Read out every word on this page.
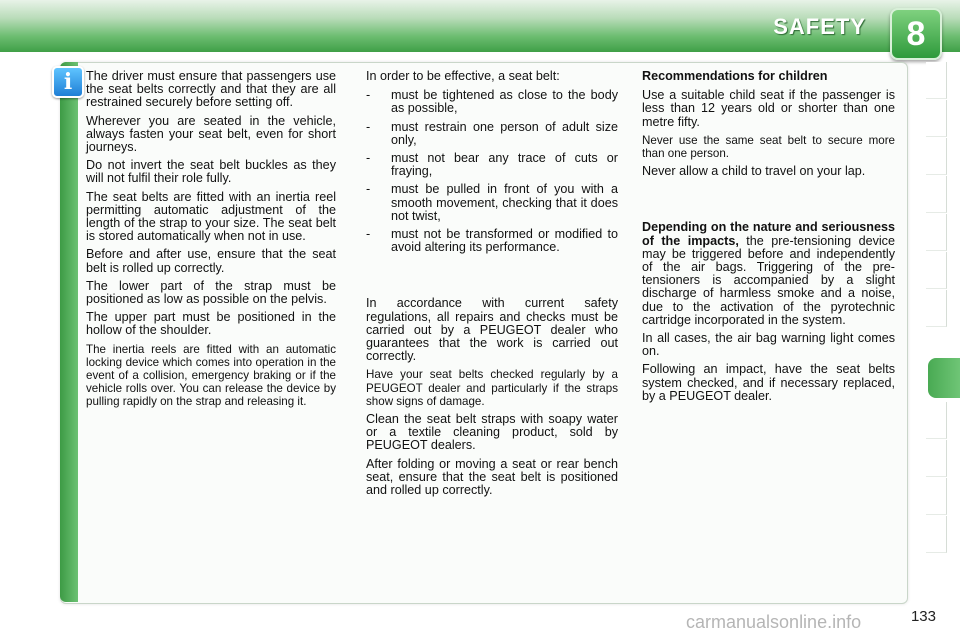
SAFETY	8
i	The driver must ensure that passengers use the seat belts correctly and that they are all restrained securely before setting off.

Wherever you are seated in the vehicle, always fasten your seat belt, even for short journeys.

Do not invert the seat belt buckles as they will not fulfil their role fully.

The seat belts are fitted with an inertia reel permitting automatic adjustment of the length of the strap to your size. The seat belt is stored automatically when not in use.

Before and after use, ensure that the seat belt is rolled up correctly.

The lower part of the strap must be positioned as low as possible on the pelvis.

The upper part must be positioned in the hollow of the shoulder.

The inertia reels are fitted with an automatic locking device which comes into operation in the event of a collision, emergency braking or if the vehicle rolls over. You can release the device by pulling rapidly on the strap and releasing it.

In order to be effective, a seat belt:

- must be tightened as close to the body as possible,
- must restrain one person of adult size only,
- must not bear any trace of cuts or fraying,
- must be pulled in front of you with a smooth movement, checking that it does not twist,
- must not be transformed or modified to avoid altering its performance.

In accordance with current safety regulations, all repairs and checks must be carried out by a PEUGEOT dealer who guarantees that the work is carried out correctly.

Have your seat belts checked regularly by a PEUGEOT dealer and particularly if the straps show signs of damage.

Clean the seat belt straps with soapy water or a textile cleaning product, sold by PEUGEOT dealers.

After folding or moving a seat or rear bench seat, ensure that the seat belt is positioned and rolled up correctly.

Recommendations for children

Use a suitable child seat if the passenger is less than 12 years old or shorter than one metre fifty.

Never use the same seat belt to secure more than one person.

Never allow a child to travel on your lap.

Depending on the nature and seriousness of the impacts, the pre-tensioning device may be triggered before and independently of the air bags. Triggering of the pre-tensioners is accompanied by a slight discharge of harmless smoke and a noise, due to the activation of the pyrotechnic cartridge incorporated in the system.

In all cases, the air bag warning light comes on.

Following an impact, have the seat belts system checked, and if necessary replaced, by a PEUGEOT dealer.

carmanualsonline.info	133
